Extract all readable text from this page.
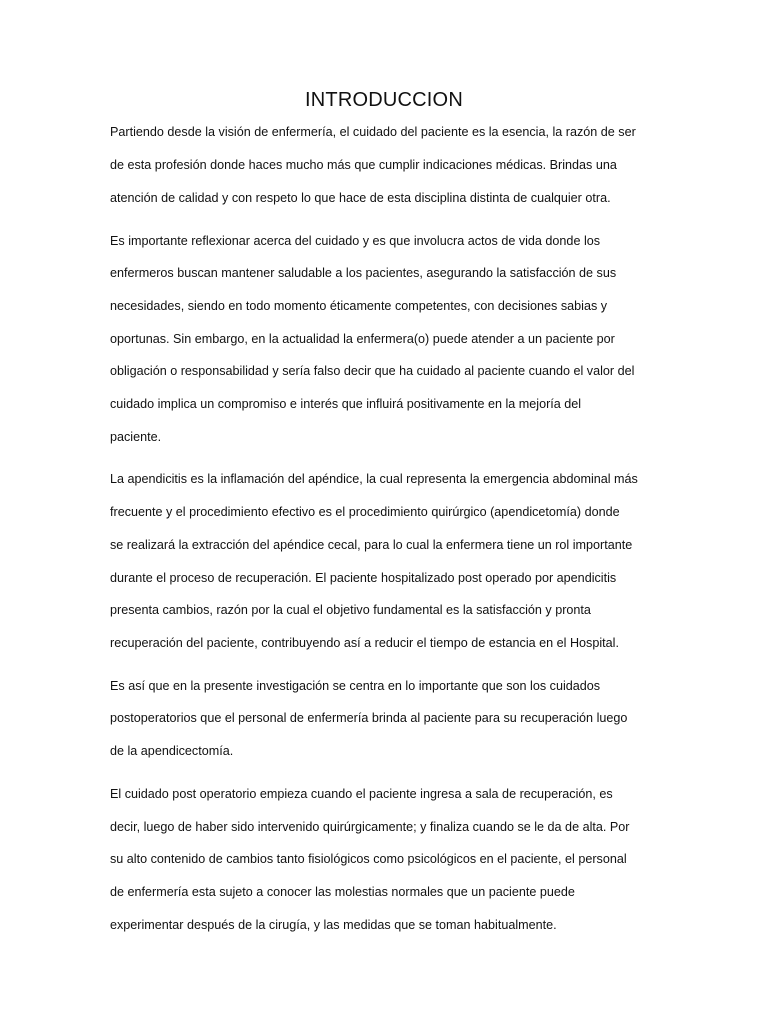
INTRODUCCION
Partiendo desde la visión de enfermería, el cuidado del paciente es la esencia, la razón de ser
de esta profesión donde haces mucho más que cumplir indicaciones médicas. Brindas una
atención de calidad y con respeto lo que hace de esta disciplina distinta de cualquier otra.
Es importante reflexionar acerca del cuidado y es que involucra actos de vida donde los
enfermeros buscan mantener saludable a los pacientes, asegurando la satisfacción de sus
necesidades, siendo en todo momento éticamente competentes, con decisiones sabias y
oportunas. Sin embargo, en la actualidad la enfermera(o) puede atender a un paciente por
obligación o responsabilidad y sería falso decir que ha cuidado al paciente cuando el valor del
cuidado implica un compromiso e interés que influirá positivamente en la mejoría del
paciente.
La apendicitis es la inflamación del apéndice, la cual representa la emergencia abdominal más
frecuente y el procedimiento efectivo es el procedimiento quirúrgico (apendicetomía) donde
se realizará la extracción del apéndice cecal, para lo cual la enfermera tiene un rol importante
durante el proceso de recuperación. El paciente hospitalizado post operado por apendicitis
presenta cambios, razón por la cual el objetivo fundamental es la satisfacción y pronta
recuperación del paciente, contribuyendo así a reducir el tiempo de estancia en el Hospital.
Es así que en la presente investigación se centra en lo importante que son los cuidados
postoperatorios que el personal de enfermería brinda al paciente para su recuperación luego
de la apendicectomía.
El cuidado post operatorio empieza cuando el paciente ingresa a sala de recuperación, es
decir, luego de haber sido intervenido quirúrgicamente; y finaliza cuando se le da de alta. Por
su alto contenido de cambios tanto fisiológicos como psicológicos en el paciente, el personal
de enfermería esta sujeto a conocer las molestias normales que un paciente puede
experimentar después de la cirugía, y las medidas que se toman habitualmente.
